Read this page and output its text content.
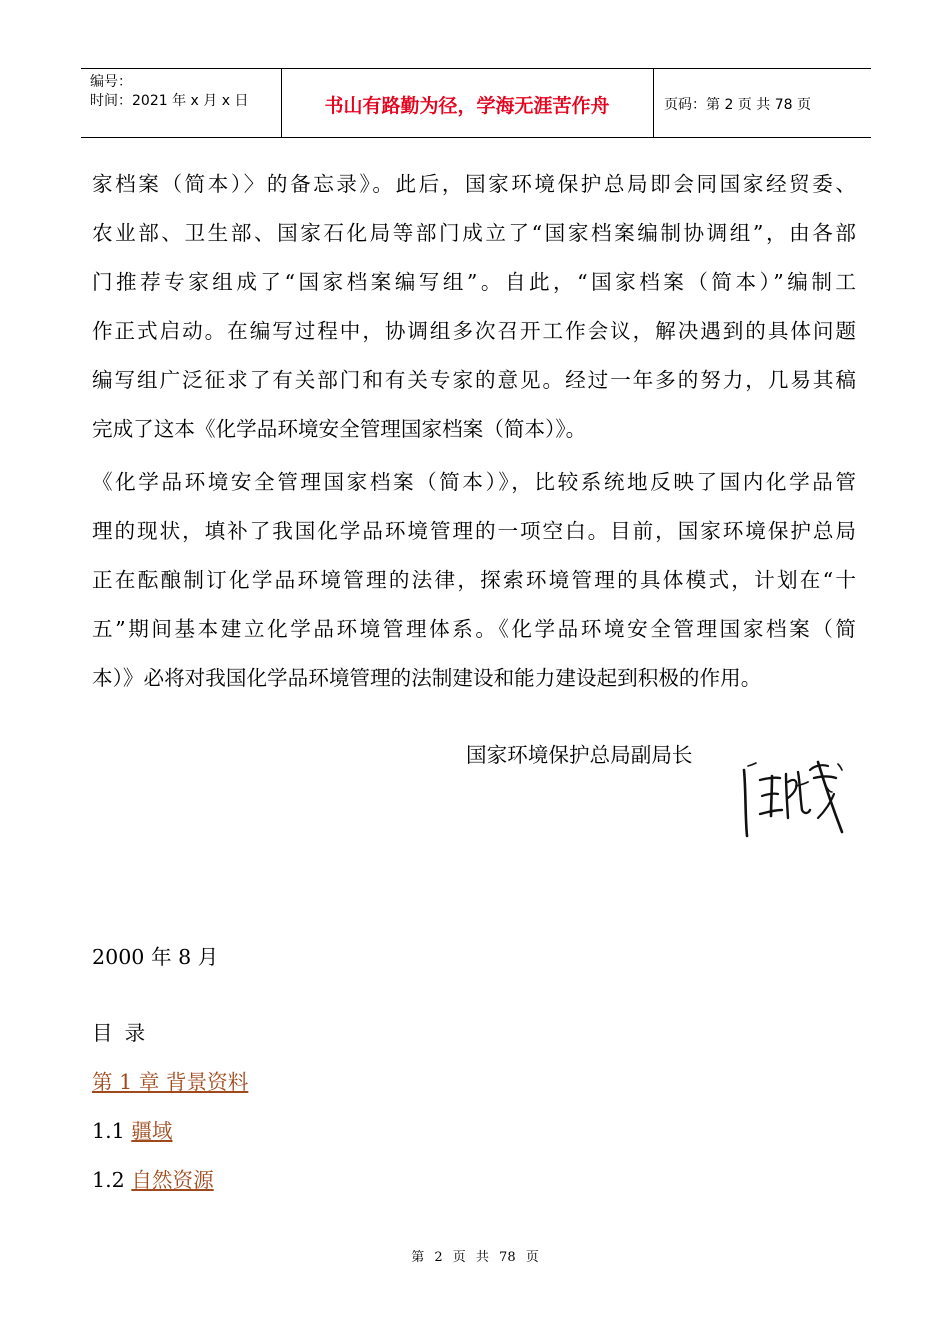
编号：
时间：2021 年 x 月 x 日	书山有路勤为径，学海无涯苦作舟	页码：第 2 页 共 78 页
家档案（简本）〉的备忘录》。此后，国家环境保护总局即会同国家经贸委、
农业部、卫生部、国家石化局等部门成立了“国家档案编制协调组”，由各部
门推荐专家组成了“国家档案编写组”。自此，“国家档案（简本）”编制工
作正式启动。在编写过程中，协调组多次召开工作会议，解决遇到的具体问题
编写组广泛征求了有关部门和有关专家的意见。经过一年多的努力，几易其稿
完成了这本《化学品环境安全管理国家档案（简本）》。
《化学品环境安全管理国家档案（简本）》，比较系统地反映了国内化学品管
理的现状，填补了我国化学品环境管理的一项空白。目前，国家环境保护总局
正在酝酿制订化学品环境管理的法律，探索环境管理的具体模式，计划在“十
五”期间基本建立化学品环境管理体系。《化学品环境安全管理国家档案（简
本）》必将对我国化学品环境管理的法制建设和能力建设起到积极的作用。
国家环境保护总局副局长
2000 年 8 月
目录
第 1 章 背景资料
1.1 疆域
1.2 自然资源
第 2 页 共 78 页
